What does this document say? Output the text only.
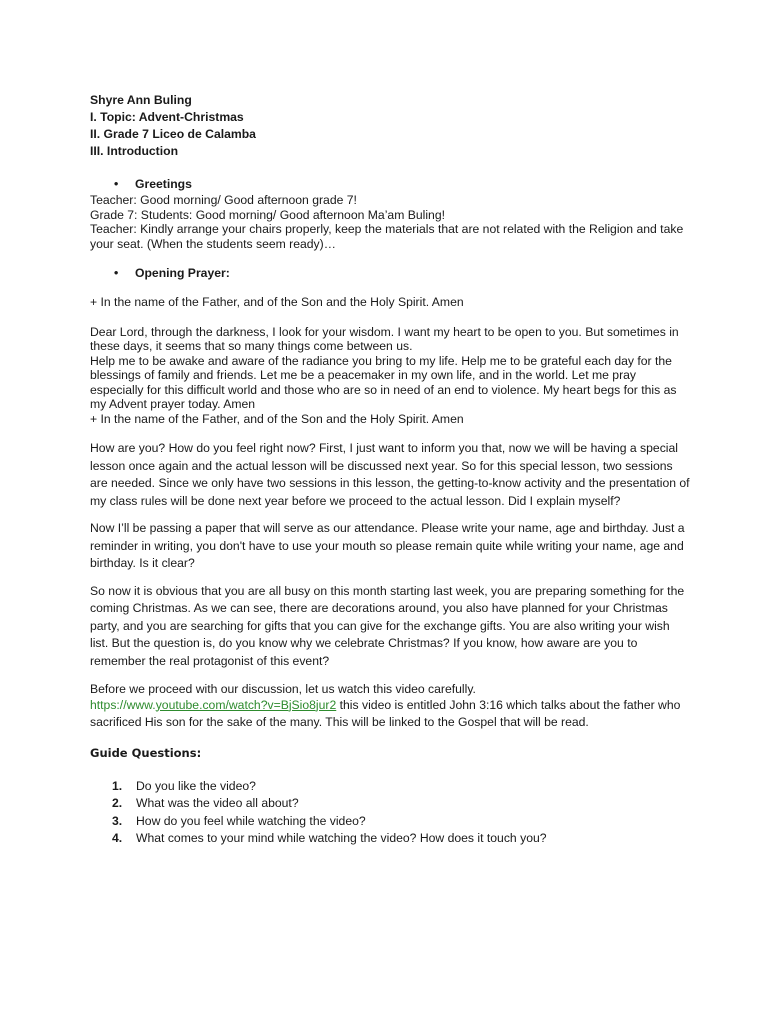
Shyre Ann Buling
I. Topic: Advent-Christmas
II. Grade 7 Liceo de Calamba
III. Introduction
•	Greetings

Teacher: Good morning/ Good afternoon grade 7!

Grade 7: Students: Good morning/ Good afternoon Ma’am Buling!

Teacher: Kindly arrange your chairs properly, keep the materials that are not related with the Religion and take your seat. (When the students seem ready)…

•	Opening Prayer:

+ In the name of the Father, and of the Son and the Holy Spirit. Amen

Dear Lord, through the darkness, I look for your wisdom. I want my heart to be open to you. But sometimes in these days, it seems that so many things come between us.

Help me to be awake and aware of the radiance you bring to my life. Help me to be grateful each day for the blessings of family and friends. Let me be a peacemaker in my own life, and in the world. Let me pray especially for this difficult world and those who are so in need of an end to violence. My heart begs for this as my Advent prayer today. Amen

+ In the name of the Father, and of the Son and the Holy Spirit. Amen

How are you? How do you feel right now? First, I just want to inform you that, now we will be having a special lesson once again and the actual lesson will be discussed next year. So for this special lesson, two sessions are needed. Since we only have two sessions in this lesson, the getting-to-know activity and the presentation of my class rules will be done next year before we proceed to the actual lesson. Did I explain myself?

Now I’ll be passing a paper that will serve as our attendance. Please write your name, age and birthday. Just a reminder in writing, you don't have to use your mouth so please remain quite while writing your name, age and birthday. Is it clear?

So now it is obvious that you are all busy on this month starting last week, you are preparing something for the coming Christmas. As we can see, there are decorations around, you also have planned for your Christmas party, and you are searching for gifts that you can give for the exchange gifts. You are also writing your wish list. But the question is, do you know why we celebrate Christmas? If you know, how aware are you to remember the real protagonist of this event?

Before we proceed with our discussion, let us watch this video carefully.

https://www.youtube.com/watch?v=BjSio8jur2 this video is entitled John 3:16 which talks about the father who sacrificed His son for the sake of the many. This will be linked to the Gospel that will be read.

Guide Questions:
1.	Do you like the video?
2.	What was the video all about?
3.	How do you feel while watching the video?
4.	What comes to your mind while watching the video? How does it touch you?
